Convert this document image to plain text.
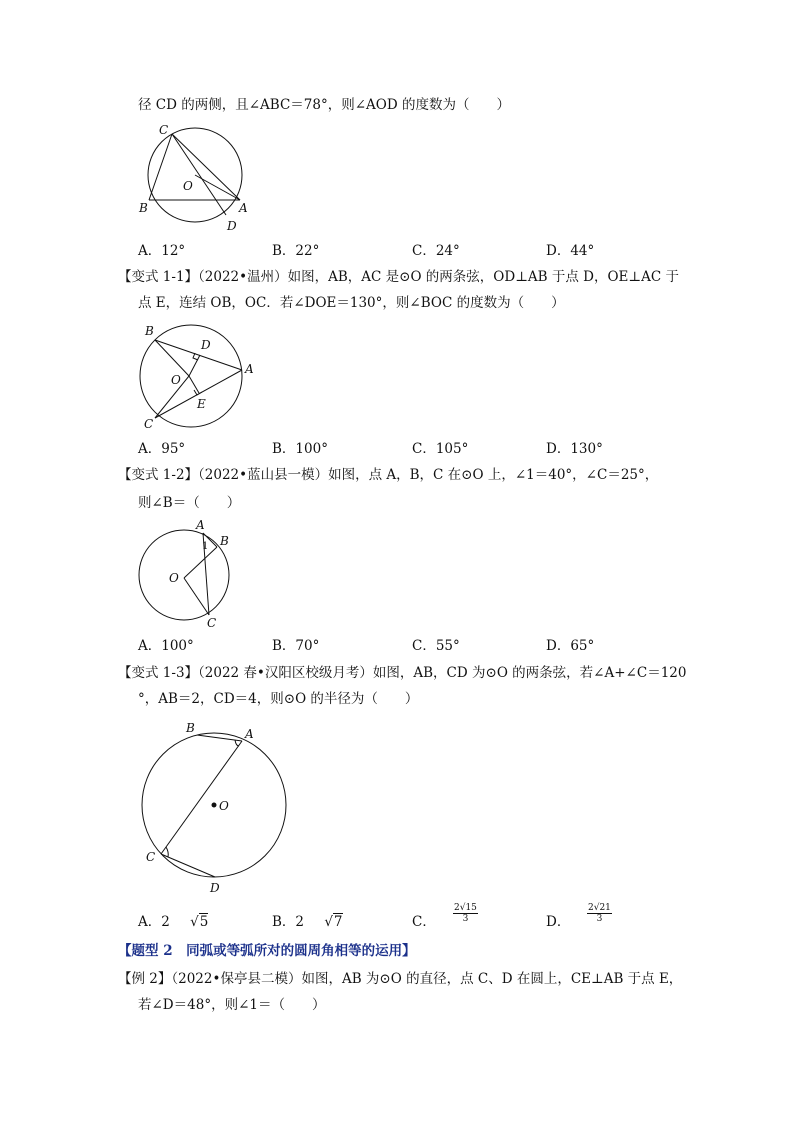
径 CD 的两侧，且∠ABC＝78°，则∠AOD 的度数为（　　）
C
O
B	A
D
A．12°	B．22°	C．24°	D．44°
【变式 1-1】（2022•温州）如图，AB，AC 是⊙O 的两条弦，OD⊥AB 于点 D，OE⊥AC 于
点 E，连结 OB，OC．若∠DOE＝130°，则∠BOC 的度数为（　　）
B
D
A
O
E
C
A．95°	B．100°	C．105°	D．130°
【变式 1-2】（2022•蓝山县一模）如图，点 A，B，C 在⊙O 上，∠1＝40°，∠C＝25°，
则∠B＝（　　）
A
B
1
O
C
A．100°	B．70°	C．55°	D．65°
【变式 1-3】（2022 春•汉阳区校级月考）如图，AB，CD 为⊙O 的两条弦，若∠A+∠C＝120
°，AB＝2，CD＝4，则⊙O 的半径为（　　）
B	A
O
C
D
A．2 √5	B．2 √7	C． $\frac{2√15}{3}$	D． $\frac{2√21}{3}$
【题型 2　同弧或等弧所对的圆周角相等的运用】
【例 2】（2022•保亭县二模）如图，AB 为⊙O 的直径，点 C、D 在圆上，CE⊥AB 于点 E，
若∠D＝48°，则∠1＝（　　）
